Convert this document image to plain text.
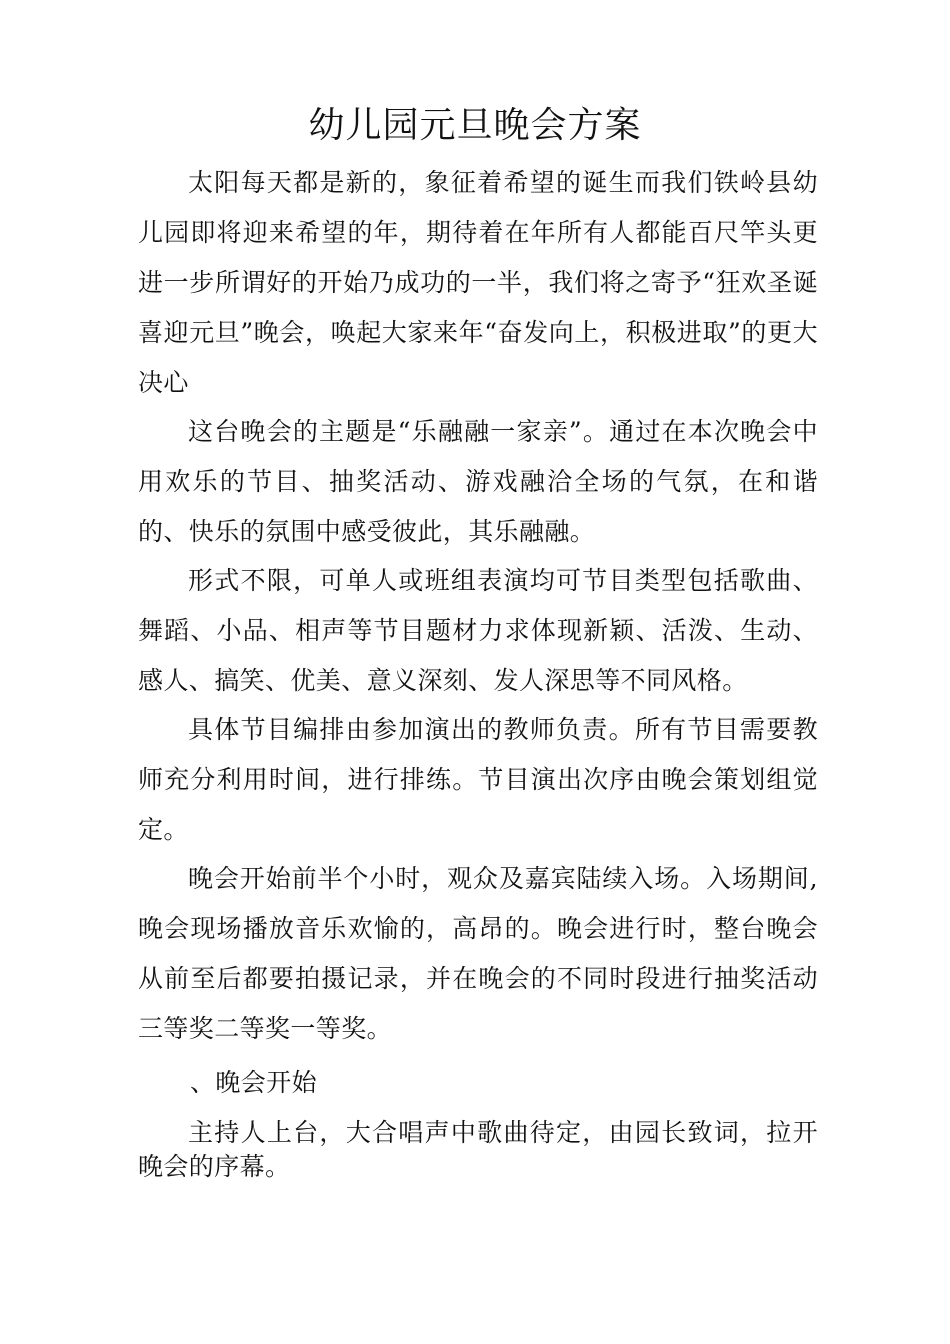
幼儿园元旦晚会方案

太阳每天都是新的，象征着希望的诞生而我们铁岭县幼儿园即将迎来希望的年，期待着在年所有人都能百尺竿头更进一步所谓好的开始乃成功的一半，我们将之寄予“狂欢圣诞喜迎元旦”晚会，唤起大家来年“奋发向上，积极进取”的更大决心

这台晚会的主题是“乐融融一家亲”。通过在本次晚会中用欢乐的节目、抽奖活动、游戏融洽全场的气氛，在和谐的、快乐的氛围中感受彼此，其乐融融。

形式不限，可单人或班组表演均可节目类型包括歌曲、舞蹈、小品、相声等节目题材力求体现新颖、活泼、生动、感人、搞笑、优美、意义深刻、发人深思等不同风格。

具体节目编排由参加演出的教师负责。所有节目需要教师充分利用时间，进行排练。节目演出次序由晚会策划组觉定。

晚会开始前半个小时，观众及嘉宾陆续入场。入场期间,晚会现场播放音乐欢愉的，高昂的。晚会进行时，整台晚会从前至后都要拍摄记录，并在晚会的不同时段进行抽奖活动三等奖二等奖一等奖。

、晚会开始

主持人上台，大合唱声中歌曲待定，由园长致词，拉开晚会的序幕。
